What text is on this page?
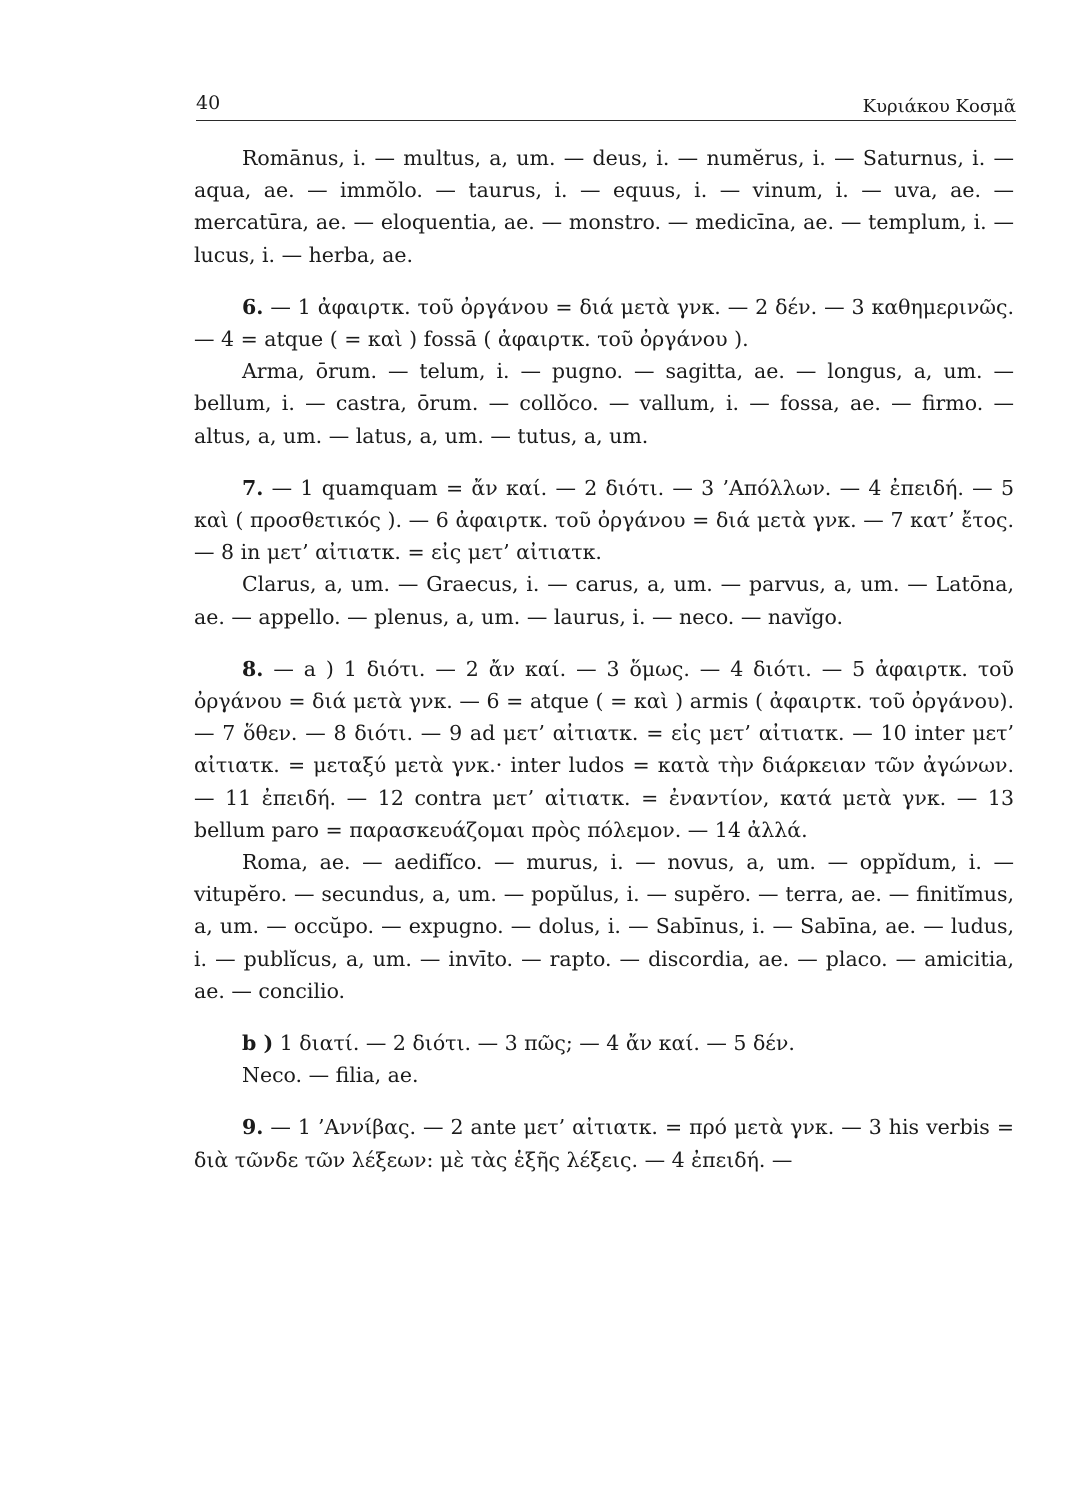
40	Κυριάκου Κοσμᾶ

Romānus, i. — multus, a, um. — deus, i. — numĕrus, i. — Saturnus, i. — aqua, ae. — immŏlo. — taurus, i. — equus, i. — vinum, i. — uva, ae. — mercatūra, ae. — eloquentia, ae. — monstro. — medicīna, ae. — templum, i. — lucus, i. — herba, ae.

6. — 1 ἀφαιρτκ. τοῦ ὀργάνου = διά μετὰ γνκ. — 2 δέν. — 3 καθημερινῶς. — 4 = atque ( = καὶ ) fossā ( ἀφαιρτκ. τοῦ ὀργάνου ).

Arma, ōrum. — telum, i. — pugno. — sagitta, ae. — longus, a, um. — bellum, i. — castra, ōrum. — collŏco. — vallum, i. — fossa, ae. — firmo. — altus, a, um. — latus, a, um. — tutus, a, um.

7. — 1 quamquam = ἄν καί. — 2 διότι. — 3 ’Απόλλων. — 4 ἐπειδή. — 5 καὶ ( προσθετικός ). — 6 ἀφαιρτκ. τοῦ ὀργάνου = διά μετὰ γνκ. — 7 κατ’ ἔτος. — 8 in μετ’ αἰτιατκ. = εἰς μετ’ αἰτιατκ.

Clarus, a, um. — Graecus, i. — carus, a, um. — parvus, a, um. — Latōna, ae. — appello. — plenus, a, um. — laurus, i. — neco. — navĭgo.

8. — a ) 1 διότι. — 2 ἄν καί. — 3 ὅμως. — 4 διότι. — 5 ἀφαιρτκ. τοῦ ὀργάνου = διά μετὰ γνκ. — 6 = atque ( = καὶ ) armis ( ἀφαιρτκ. τοῦ ὀργάνου). — 7 ὅθεν. — 8 διότι. — 9 ad μετ’ αἰτιατκ. = εἰς μετ’ αἰτιατκ. — 10 inter μετ’ αἰτιατκ. = μεταξύ μετὰ γνκ.· inter ludos = κατὰ τὴν διάρκειαν τῶν ἀγώνων. — 11 ἐπειδή. — 12 contra μετ’ αἰτιατκ. = ἐναντίον, κατά μετὰ γνκ. — 13 bellum paro = παρασκευάζομαι πρὸς πόλεμον. — 14 ἀλλά.

Roma, ae. — aedifĭco. — murus, i. — novus, a, um. — oppĭdum, i. — vitupĕro. — secundus, a, um. — popŭlus, i. — supĕro. — terra, ae. — finitĭmus, a, um. — occŭpo. — expugno. — dolus, i. — Sabīnus, i. — Sabīna, ae. — ludus, i. — publĭcus, a, um. — invīto. — rapto. — discordia, ae. — placo. — amicitia, ae. — concilio.

b ) 1 διατί. — 2 διότι. — 3 πῶς; — 4 ἄν καί. — 5 δέν.

Neco. — filia, ae.

9. — 1 ’Αννίβας. — 2 ante μετ’ αἰτιατκ. = πρό μετὰ γνκ. — 3 his verbis = διὰ τῶνδε τῶν λέξεων: μὲ τὰς ἑξῆς λέξεις. — 4 ἐπειδή. —
